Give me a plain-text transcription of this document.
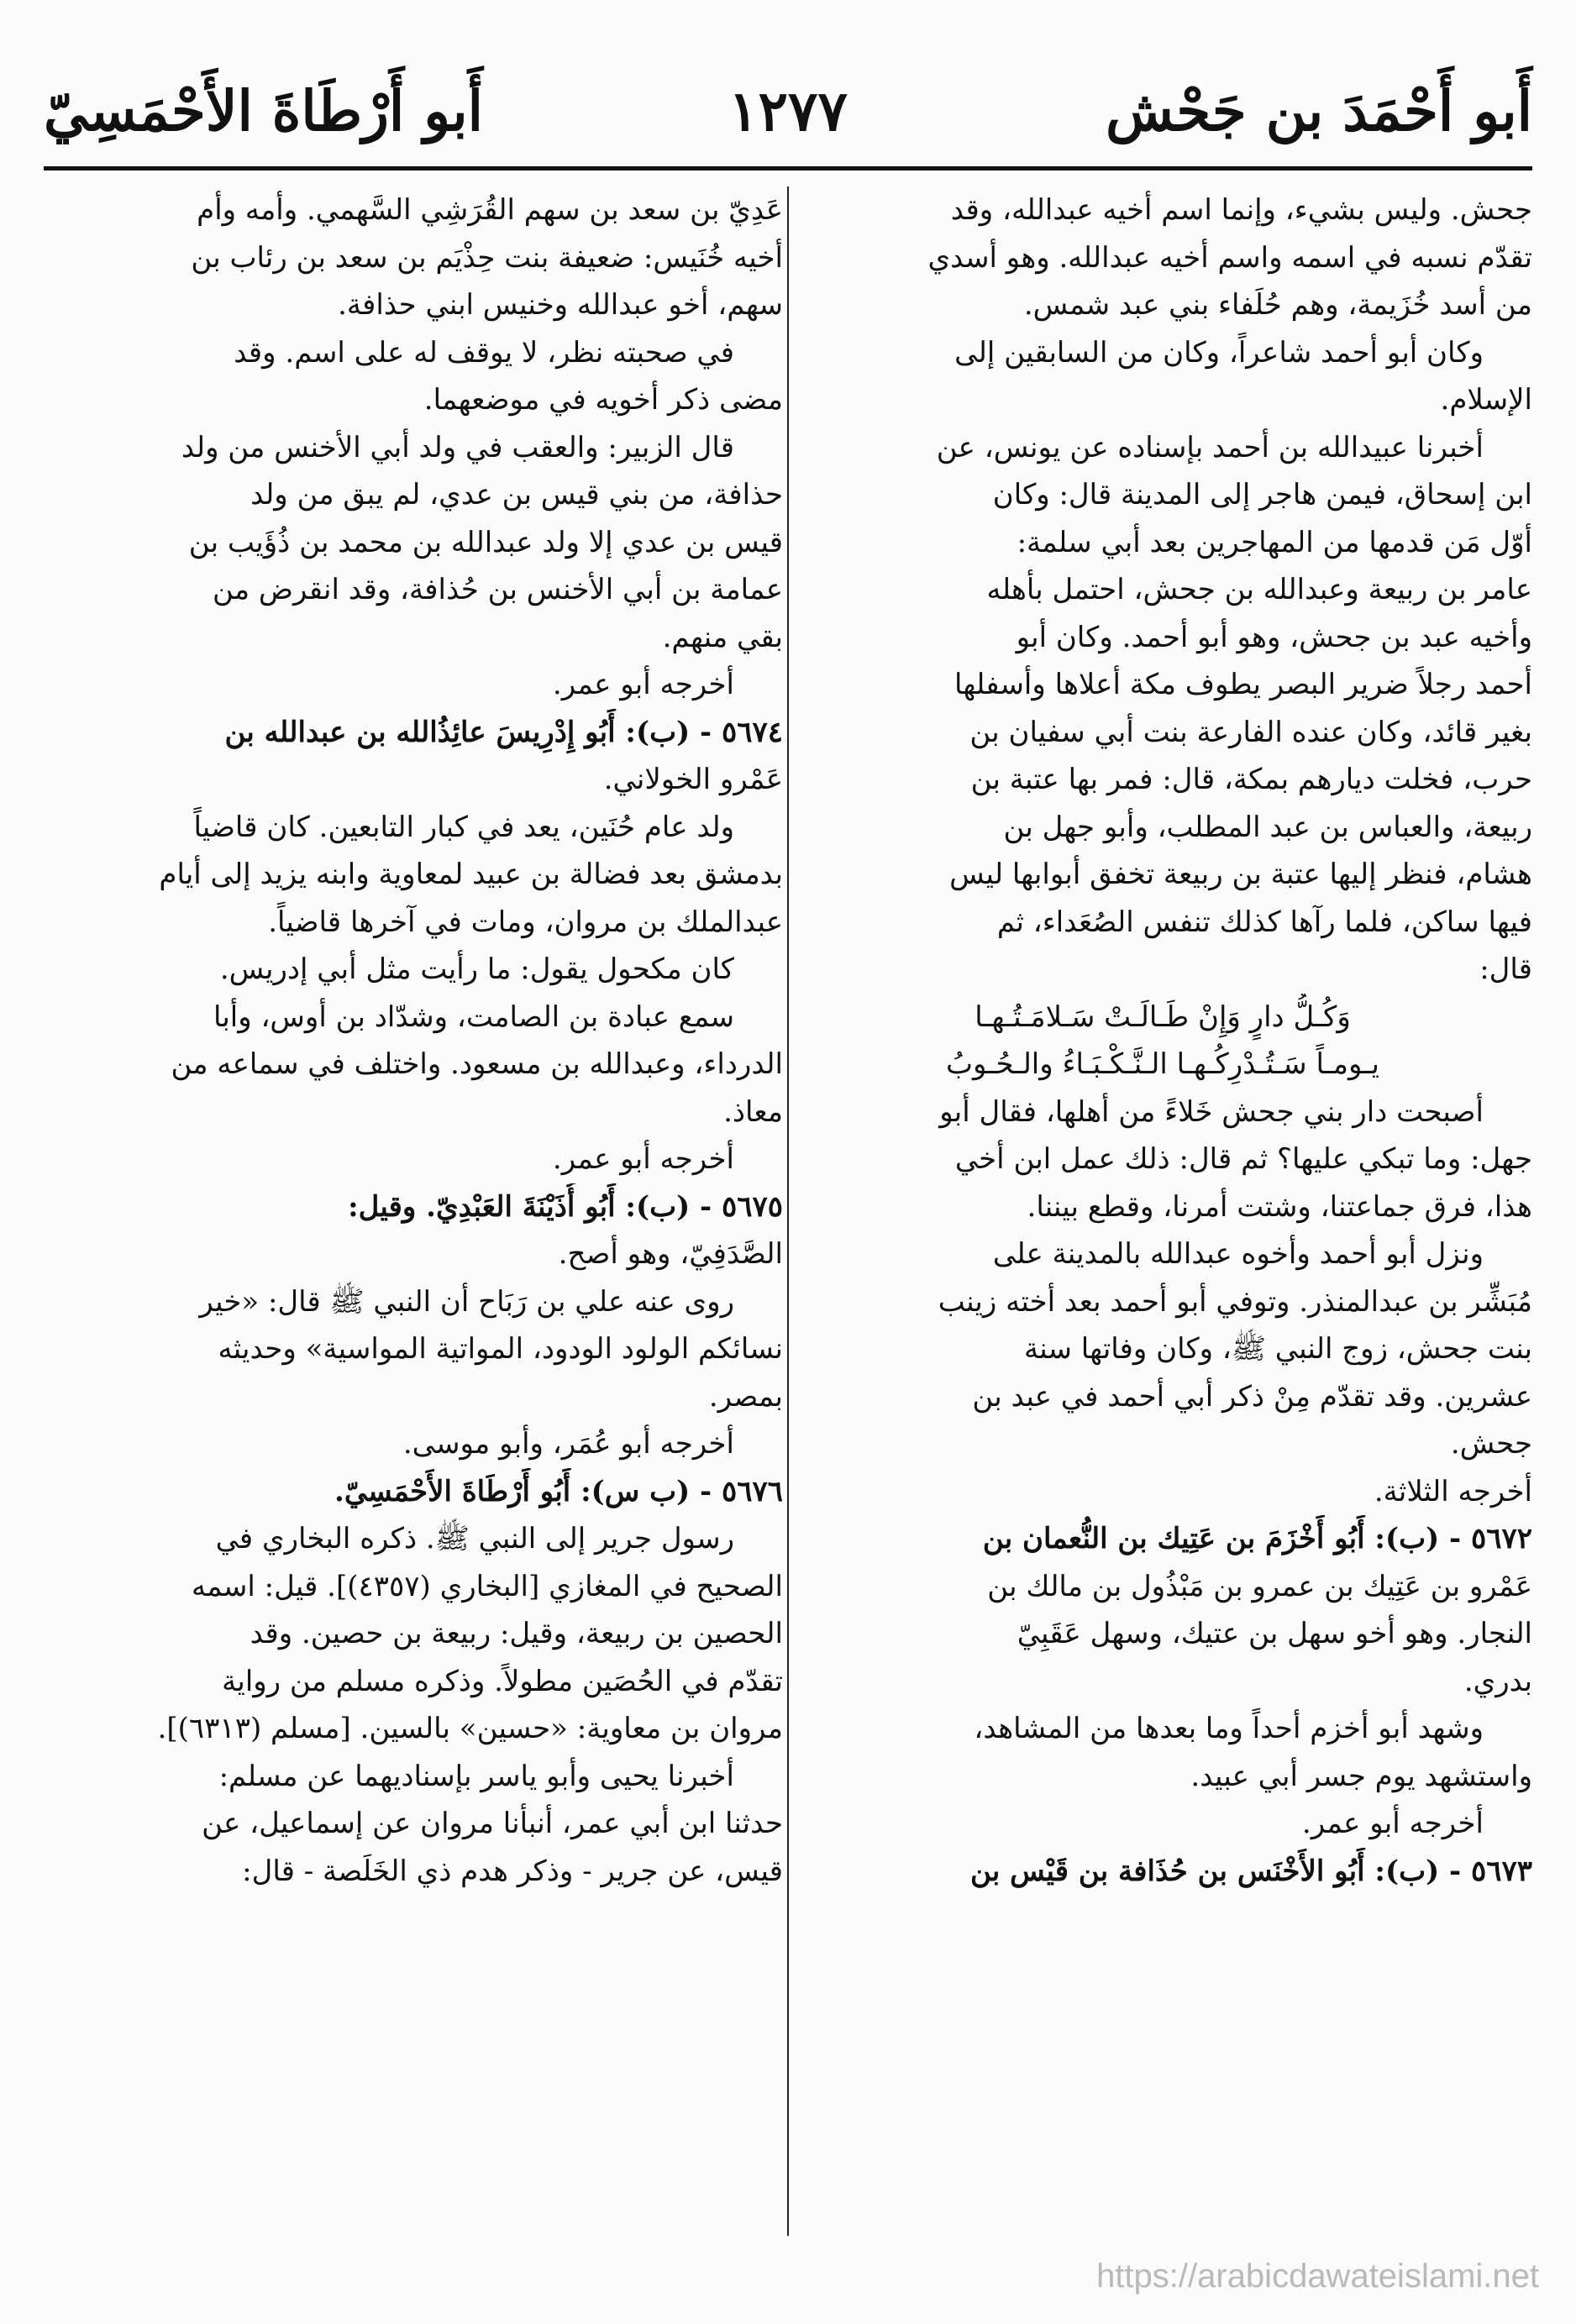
أَبو أَحْمَدَ بن جَحْش
١٢٧٧
أَبو أَرْطَاةَ الأَحْمَسِيّ
جحش. وليس بشيء، وإنما اسم أخيه عبدالله، وقد
تقدّم نسبه في اسمه واسم أخيه عبدالله. وهو أسدي
من أسد خُزَيمة، وهم حُلَفاء بني عبد شمس.
وكان أبو أحمد شاعراً، وكان من السابقين إلى
الإسلام.
أخبرنا عبيدالله بن أحمد بإسناده عن يونس، عن
ابن إسحاق، فيمن هاجر إلى المدينة قال: وكان
أوّل مَن قدمها من المهاجرين بعد أبي سلمة:
عامر بن ربيعة وعبدالله بن جحش، احتمل بأهله
وأخيه عبد بن جحش، وهو أبو أحمد. وكان أبو
أحمد رجلاً ضرير البصر يطوف مكة أعلاها وأسفلها
بغير قائد، وكان عنده الفارعة بنت أبي سفيان بن
حرب، فخلت ديارهم بمكة، قال: فمر بها عتبة بن
ربيعة، والعباس بن عبد المطلب، وأبو جهل بن
هشام، فنظر إليها عتبة بن ربيعة تخفق أبوابها ليس
فيها ساكن، فلما رآها كذلك تنفس الصُعَداء، ثم
قال:
وَكُـلُّ دارٍ وَإِنْ طَـالَـتْ سَـلامَـتُـهـا
يـومـاً سَـتُـدْرِكُـهـا الـنَّـكْـبَـاءُ والـحُـوبُ
أصبحت دار بني جحش خَلاءً من أهلها، فقال أبو
جهل: وما تبكي عليها؟ ثم قال: ذلك عمل ابن أخي
هذا، فرق جماعتنا، وشتت أمرنا، وقطع بيننا.
ونزل أبو أحمد وأخوه عبدالله بالمدينة على
مُبَشِّر بن عبدالمنذر. وتوفي أبو أحمد بعد أخته زينب
بنت جحش، زوج النبي ﷺ، وكان وفاتها سنة
عشرين. وقد تقدّم مِنْ ذكر أبي أحمد في عبد بن
جحش.
أخرجه الثلاثة.
٥٦٧٢ - (ب): أَبُو أَخْزَمَ بن عَتِيك بن النُّعمان بن
عَمْرو بن عَتِيك بن عمرو بن مَبْذُول بن مالك بن
النجار. وهو أخو سهل بن عتيك، وسهل عَقَبِيّ
بدري.
وشهد أبو أخزم أحداً وما بعدها من المشاهد،
واستشهد يوم جسر أبي عبيد.
أخرجه أبو عمر.
٥٦٧٣ - (ب): أَبُو الأَخْنَس بن حُذَافة بن قَيْس بن
عَدِيّ بن سعد بن سهم القُرَشِي السَّهمي. وأمه وأم
أخيه خُنَيس: ضعيفة بنت حِذْيَم بن سعد بن رئاب بن
سهم، أخو عبدالله وخنيس ابني حذافة.
في صحبته نظر، لا يوقف له على اسم. وقد
مضى ذكر أخويه في موضعهما.
قال الزبير: والعقب في ولد أبي الأخنس من ولد
حذافة، من بني قيس بن عدي، لم يبق من ولد
قيس بن عدي إلا ولد عبدالله بن محمد بن ذُؤَيب بن
عمامة بن أبي الأخنس بن حُذافة، وقد انقرض من
بقي منهم.
أخرجه أبو عمر.
٥٦٧٤ - (ب): أَبُو إِدْرِيسَ عائِذُالله بن عبدالله بن
عَمْرو الخولاني.
ولد عام حُنَين، يعد في كبار التابعين. كان قاضياً
بدمشق بعد فضالة بن عبيد لمعاوية وابنه يزيد إلى أيام
عبدالملك بن مروان، ومات في آخرها قاضياً.
كان مكحول يقول: ما رأيت مثل أبي إدريس.
سمع عبادة بن الصامت، وشدّاد بن أوس، وأبا
الدرداء، وعبدالله بن مسعود. واختلف في سماعه من
معاذ.
أخرجه أبو عمر.
٥٦٧٥ - (ب): أَبُو أُذَيْنَةَ العَبْدِيّ. وقيل:
الصَّدَفِيّ، وهو أصح.
روى عنه علي بن رَبَاح أن النبي ﷺ قال: «خير
نسائكم الولود الودود، المواتية المواسية» وحديثه
بمصر.
أخرجه أبو عُمَر، وأبو موسى.
٥٦٧٦ - (ب س): أَبُو أَرْطَاةَ الأَحْمَسِيّ.
رسول جرير إلى النبي ﷺ. ذكره البخاري في
الصحيح في المغازي [البخاري (٤٣٥٧)]. قيل: اسمه
الحصين بن ربيعة، وقيل: ربيعة بن حصين. وقد
تقدّم في الحُصَين مطولاً. وذكره مسلم من رواية
مروان بن معاوية: «حسين» بالسين. [مسلم (٦٣١٣)].
أخبرنا يحيى وأبو ياسر بإسناديهما عن مسلم:
حدثنا ابن أبي عمر، أنبأنا مروان عن إسماعيل، عن
قيس، عن جرير - وذكر هدم ذي الخَلَصة - قال:
https://arabicdawateislami.net
